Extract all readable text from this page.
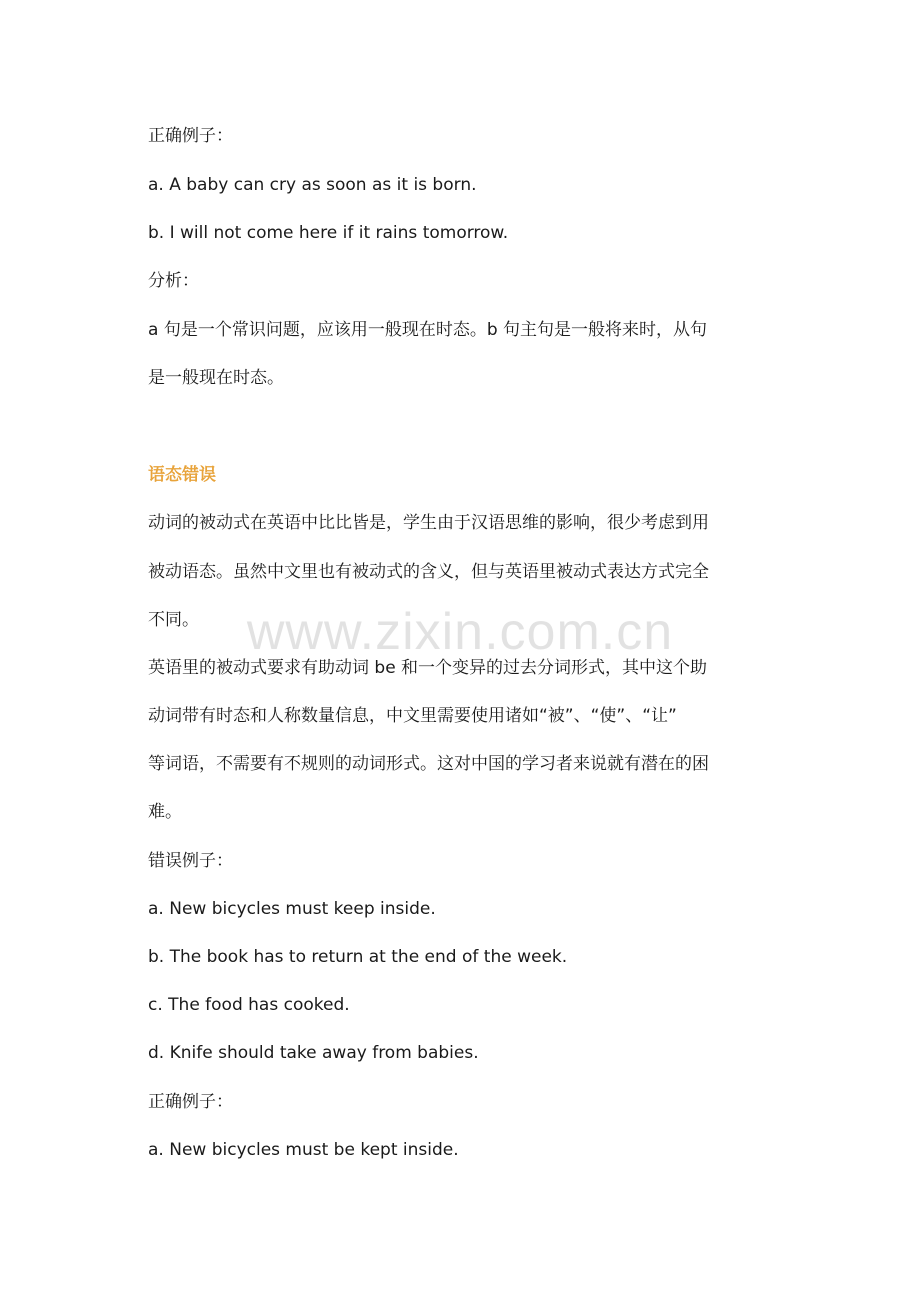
正确例子：
a. A baby can cry as soon as it is born.
b. I will not come here if it rains tomorrow.
分析：
a 句是一个常识问题，应该用一般现在时态。b 句主句是一般将来时，从句
是一般现在时态。
语态错误
动词的被动式在英语中比比皆是，学生由于汉语思维的影响，很少考虑到用
被动语态。虽然中文里也有被动式的含义，但与英语里被动式表达方式完全
不同。
英语里的被动式要求有助动词 be 和一个变异的过去分词形式，其中这个助
动词带有时态和人称数量信息，中文里需要使用诸如“被”、“使”、“让”
等词语，不需要有不规则的动词形式。这对中国的学习者来说就有潜在的困
难。
错误例子：
a. New bicycles must keep inside.
b. The book has to return at the end of the week.
c. The food has cooked.
d. Knife should take away from babies.
正确例子：
a. New bicycles must be kept inside.
www.zixin.com.cn
